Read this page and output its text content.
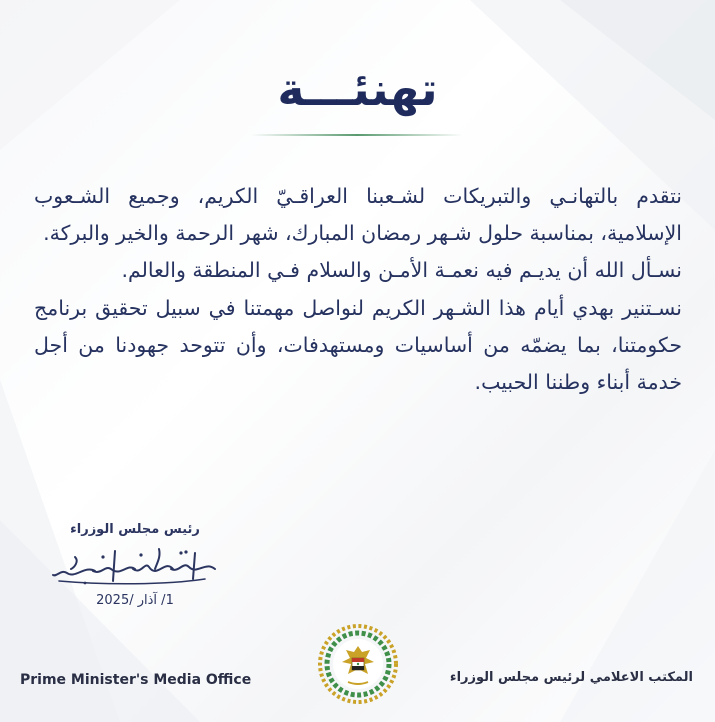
تهنئـــة

نتقدم بالتهانـي والتبريكات لشـعبنا العراقـيّ الكريم، وجميع الشـعوب الإسلامية، بمناسبة حلول شـهر رمضان المبارك، شهر الرحمة والخير والبركة.

نسـأل الله أن يديـم فيه نعمـة الأمـن والسلام فـي المنطقة والعالم.

نسـتنير بهدي أيام هذا الشـهر الكريم لنواصل مهمتنا في سبيل تحقيق برنامج حكومتنا، بما يضمّه من أساسيات ومستهدفات، وأن تتوحد جهودنا من أجل خدمة أبناء وطننا الحبيب.

رئيس مجلس الوزراء
1/ آذار /2025
Prime Minister's Media Office	المكتب الاعلامي لرئيس مجلس الوزراء
